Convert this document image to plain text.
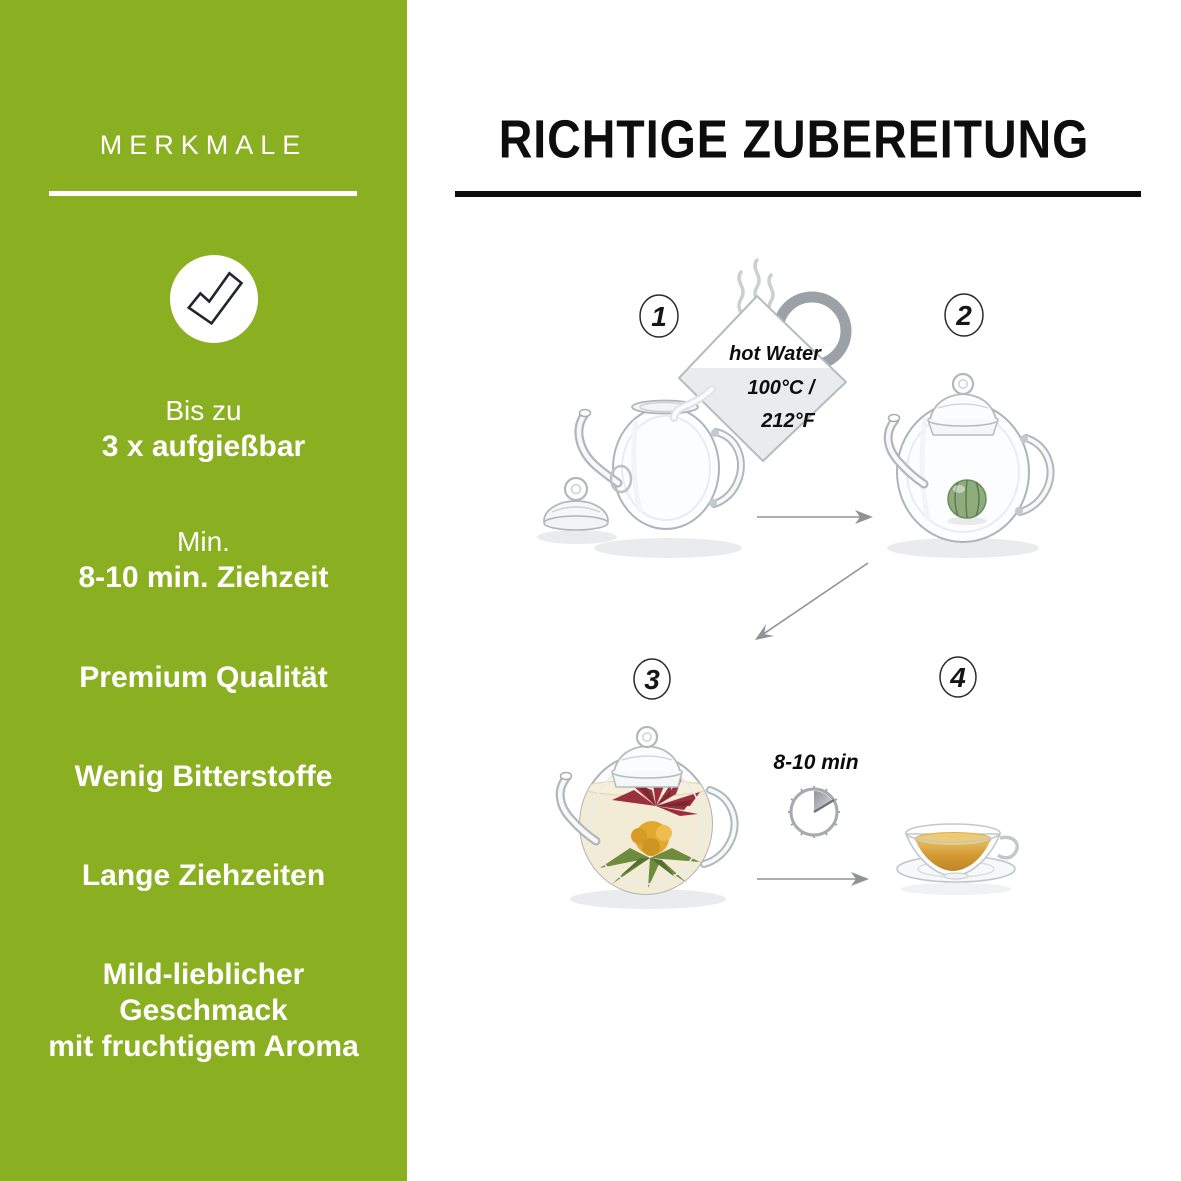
MERKMALE
Bis zu
3 x aufgießbar
Min.
8-10 min. Ziehzeit
Premium Qualität
Wenig Bitterstoffe
Lange Ziehzeiten
Mild-lieblicher
Geschmack
mit fruchtigem Aroma
RICHTIGE ZUBEREITUNG
hot Water
100°C /
212°F
1	2
3
8-10 min
4
